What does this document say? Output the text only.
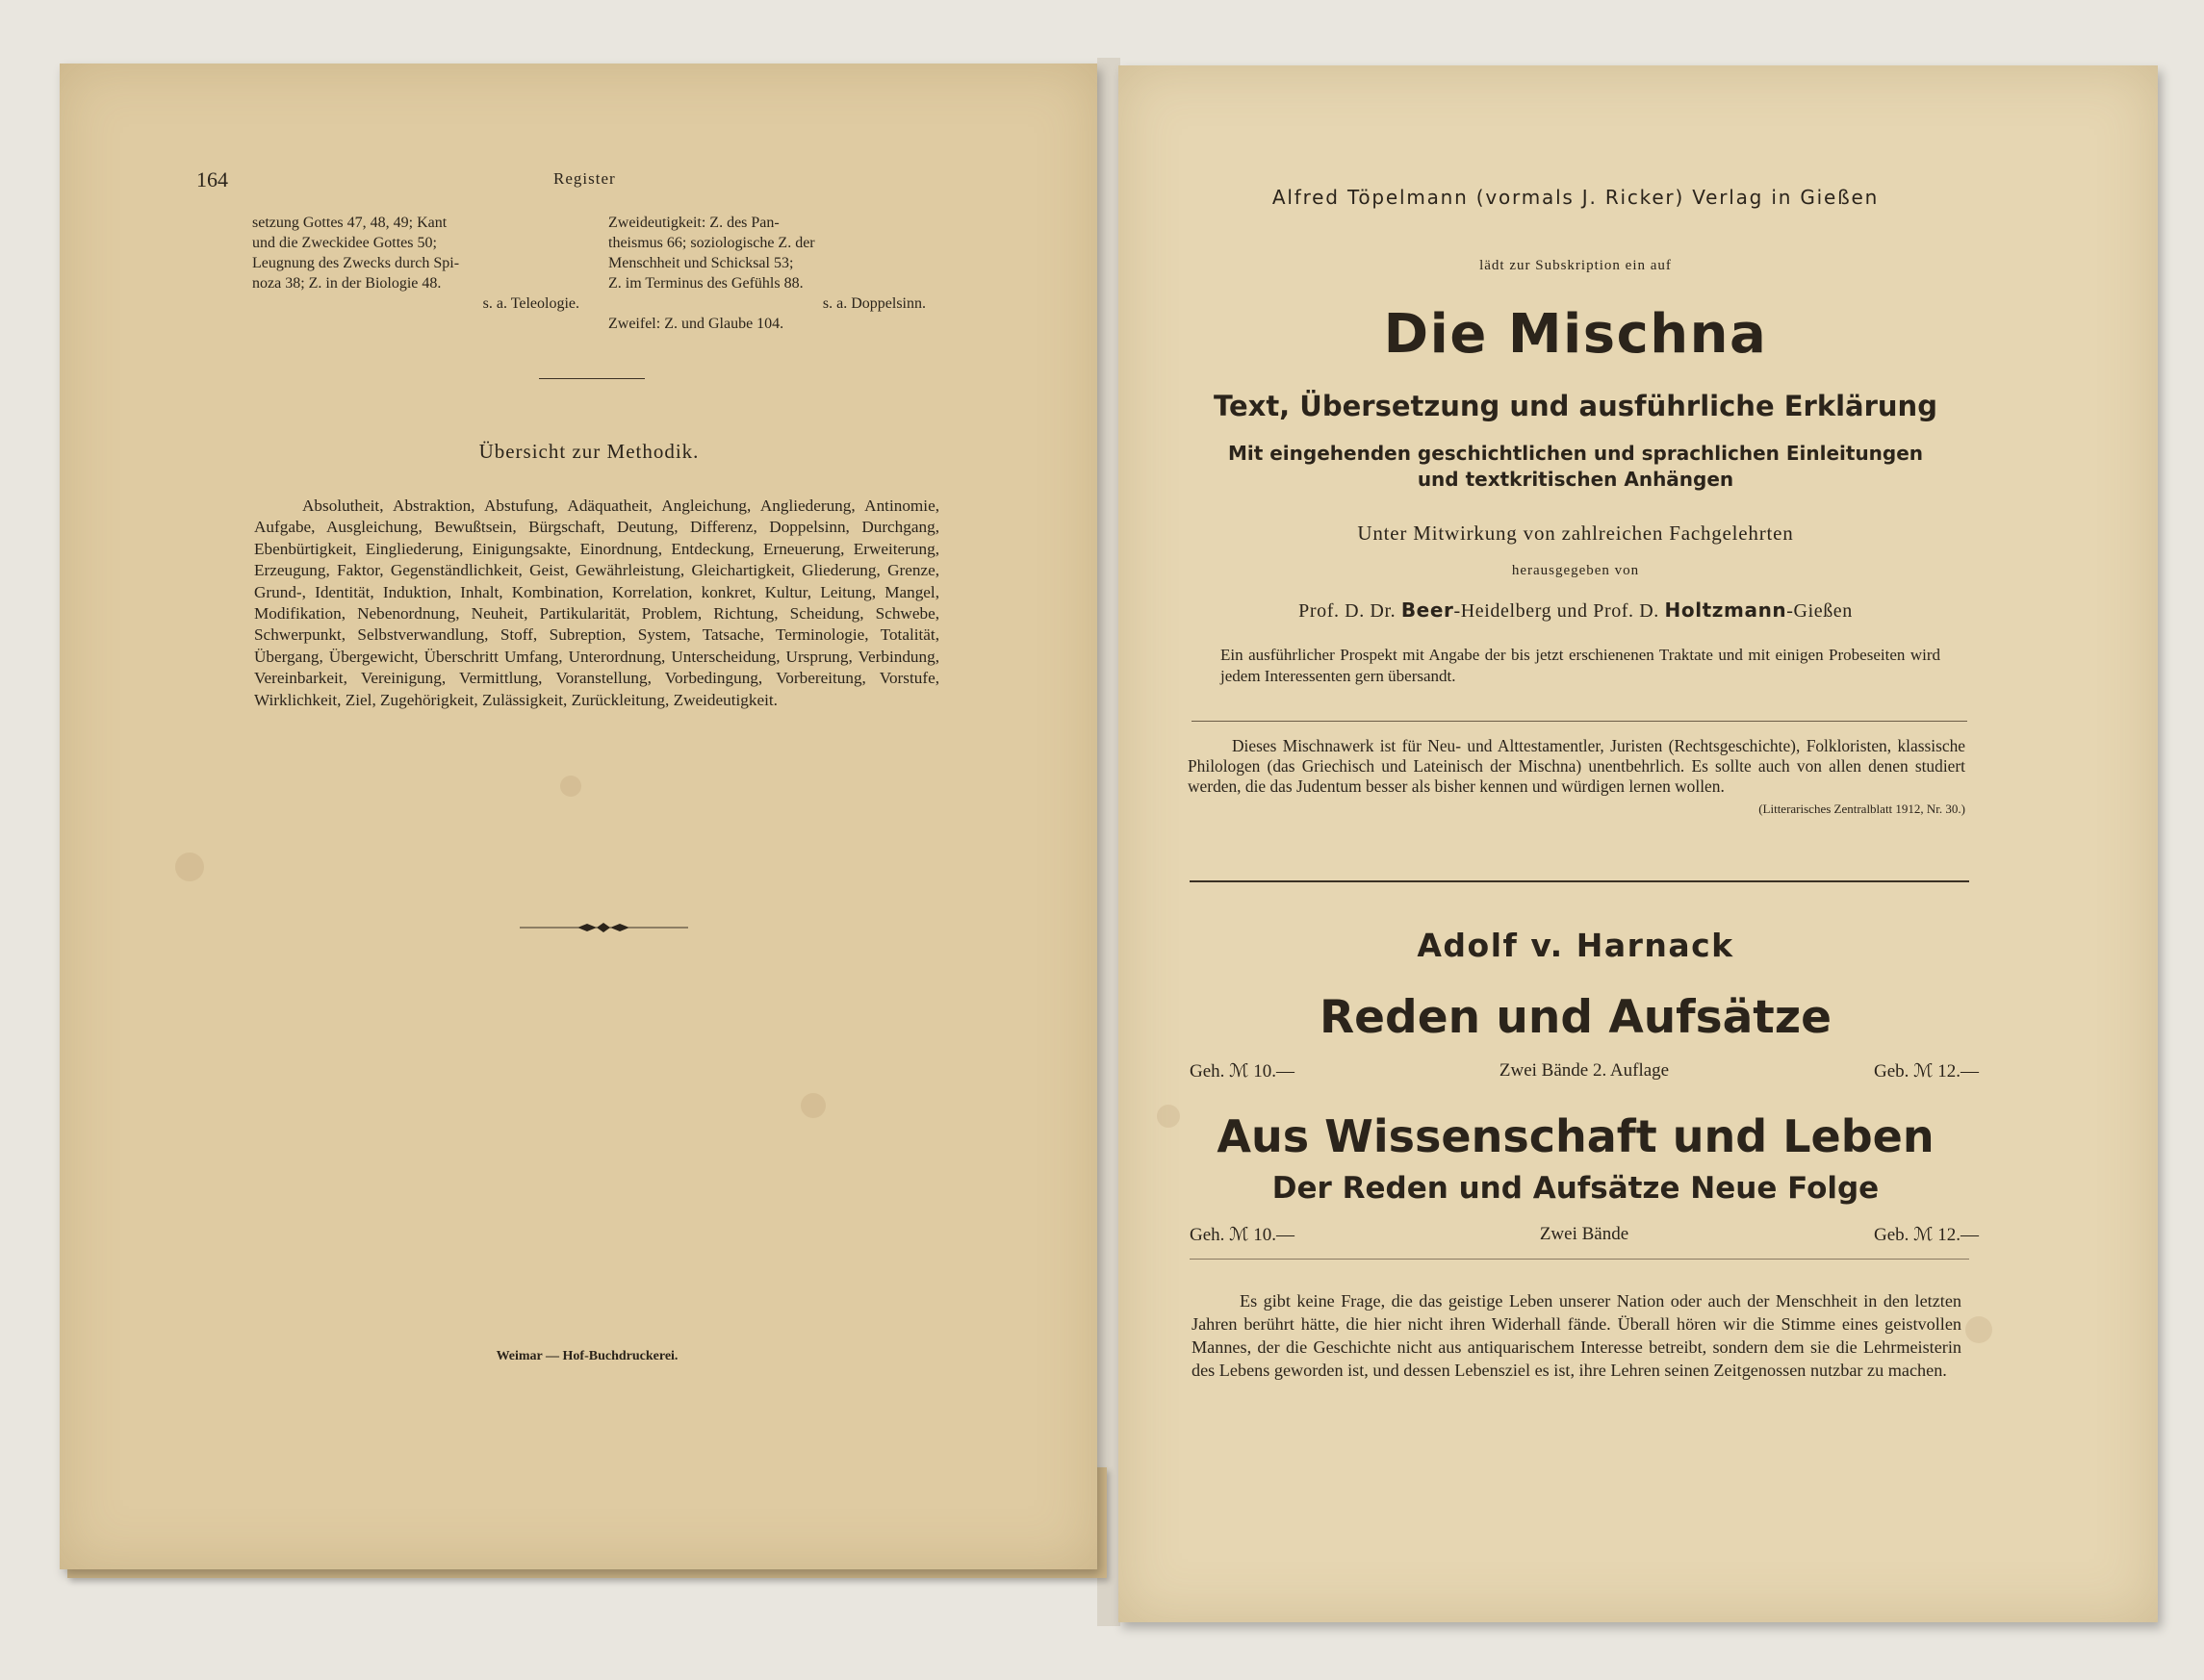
164	Register
setzung Gottes 47, 48, 49; Kant
und die Zweckidee Gottes 50;
Leugnung des Zwecks durch Spi-
noza 38; Z. in der Biologie 48.
s. a. Teleologie.
Zweideutigkeit: Z. des Pan-
theismus 66; soziologische Z. der
Menschheit und Schicksal 53;
Z. im Terminus des Gefühls 88.
s. a. Doppelsinn.
Zweifel: Z. und Glaube 104.
Übersicht zur Methodik.
Absolutheit, Abstraktion, Abstufung, Adäquatheit, Angleichung, Angliederung, Antinomie, Aufgabe, Ausgleichung, Bewußtsein, Bürgschaft, Deutung, Differenz, Doppelsinn, Durchgang, Ebenbürtigkeit, Eingliederung, Einigungsakte, Einordnung, Entdeckung, Erneuerung, Erweiterung, Erzeugung, Faktor, Gegenständlichkeit, Geist, Gewährleistung, Gleichartigkeit, Gliederung, Grenze, Grund-, Identität, Induktion, Inhalt, Kombination, Korrelation, konkret, Kultur, Leitung, Mangel, Modifikation, Nebenordnung, Neuheit, Partikularität, Problem, Richtung, Scheidung, Schwebe, Schwerpunkt, Selbstverwandlung, Stoff, Subreption, System, Tatsache, Terminologie, Totalität, Übergang, Übergewicht, Überschritt Umfang, Unterordnung, Unterscheidung, Ursprung, Verbindung, Vereinbarkeit, Vereinigung, Vermittlung, Voranstellung, Vorbedingung, Vorbereitung, Vorstufe, Wirklichkeit, Ziel, Zugehörigkeit, Zulässigkeit, Zurückleitung, Zweideutigkeit.
Weimar — Hof-Buchdruckerei.
Alfred Töpelmann (vormals J. Ricker) Verlag in Gießen
lädt zur Subskription ein auf
Die Mischna
Text, Übersetzung und ausführliche Erklärung
Mit eingehenden geschichtlichen und sprachlichen Einleitungen
und textkritischen Anhängen
Unter Mitwirkung von zahlreichen Fachgelehrten
herausgegeben von
Prof. D. Dr. Beer-Heidelberg und Prof. D. Holtzmann-Gießen
Ein ausführlicher Prospekt mit Angabe der bis jetzt erschienenen Traktate und mit einigen Probeseiten wird jedem Interessenten gern übersandt.
Dieses Mischnawerk ist für Neu- und Alttestamentler, Juristen (Rechtsgeschichte), Folkloristen, klassische Philologen (das Griechisch und Lateinisch der Mischna) unentbehrlich. Es sollte auch von allen denen studiert werden, die das Judentum besser als bisher kennen und würdigen lernen wollen.
(Litterarisches Zentralblatt 1912, Nr. 30.)
Adolf v. Harnack
Reden und Aufsätze
Zwei Bände 2. Auflage
Geh. ℳ 10.—	Geb. ℳ 12.—
Aus Wissenschaft und Leben
Der Reden und Aufsätze Neue Folge
Zwei Bände
Geh. ℳ 10.—	Geb. ℳ 12.—
Es gibt keine Frage, die das geistige Leben unserer Nation oder auch der Menschheit in den letzten Jahren berührt hätte, die hier nicht ihren Widerhall fände. Überall hören wir die Stimme eines geistvollen Mannes, der die Geschichte nicht aus antiquarischem Interesse betreibt, sondern dem sie die Lehrmeisterin des Lebens geworden ist, und dessen Lebensziel es ist, ihre Lehren seinen Zeitgenossen nutzbar zu machen.
